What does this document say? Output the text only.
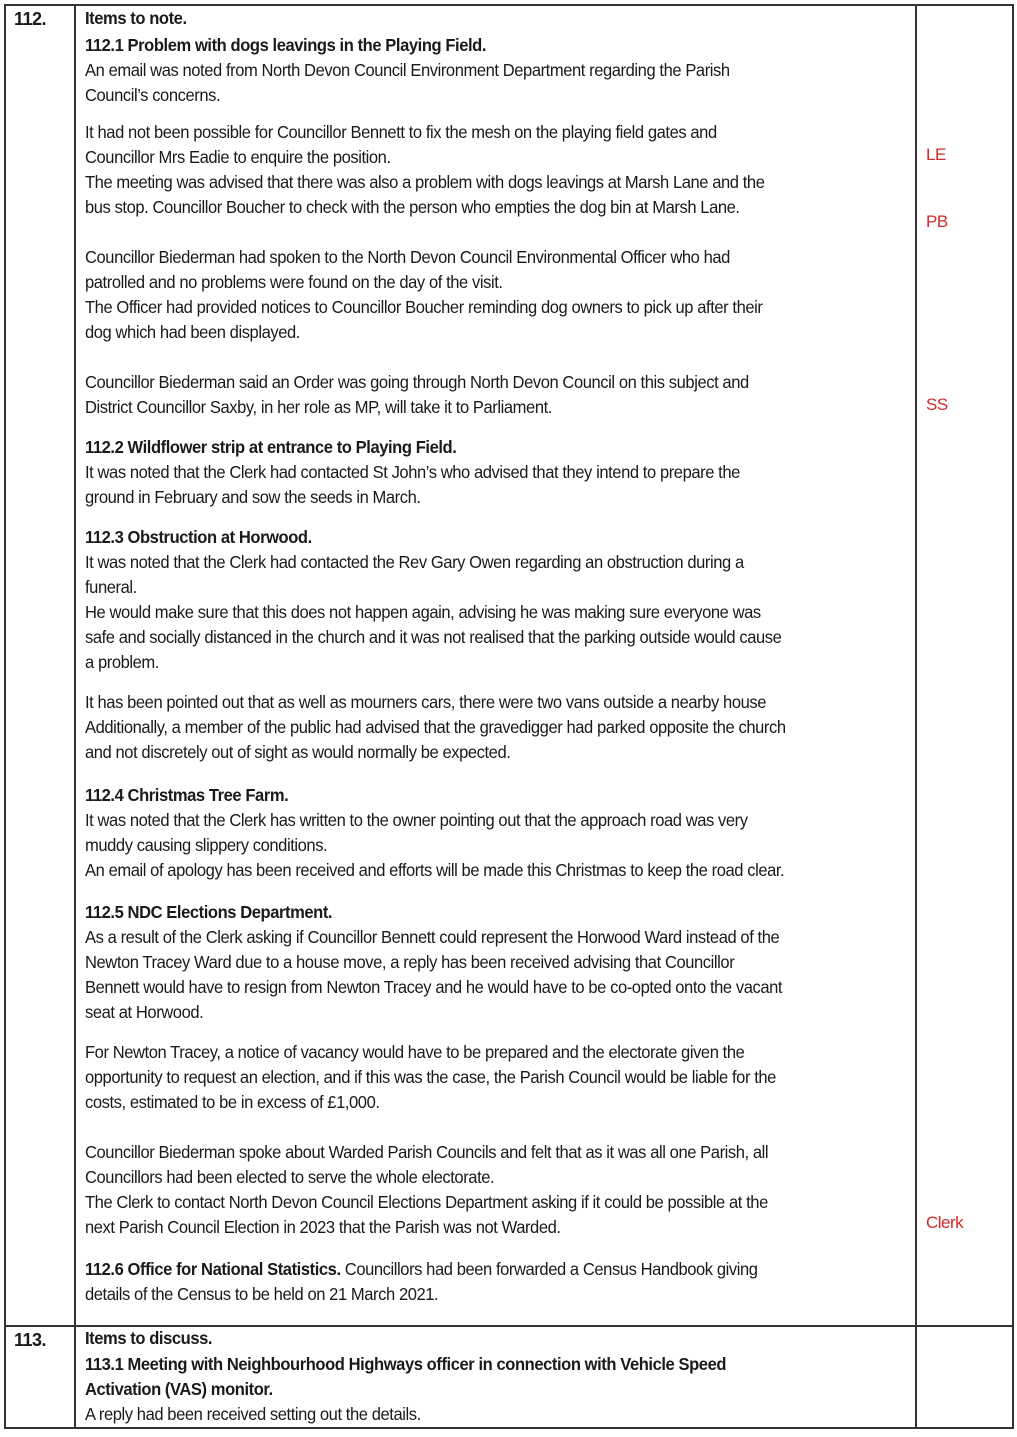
112. Items to note.
112.1 Problem with dogs leavings in the Playing Field.
An email was noted from North Devon Council Environment Department regarding the Parish
Council’s concerns.
It had not been possible for Councillor Bennett to fix the mesh on the playing field gates and
Councillor Mrs Eadie to enquire the position.
The meeting was advised that there was also a problem with dogs leavings at Marsh Lane and the
bus stop. Councillor Boucher to check with the person who empties the dog bin at Marsh Lane.
Councillor Biederman had spoken to the North Devon Council Environmental Officer who had
patrolled and no problems were found on the day of the visit.
The Officer had provided notices to Councillor Boucher reminding dog owners to pick up after their
dog which had been displayed.
Councillor Biederman said an Order was going through North Devon Council on this subject and
District Councillor Saxby, in her role as MP, will take it to Parliament.
112.2 Wildflower strip at entrance to Playing Field.
It was noted that the Clerk had contacted St John’s who advised that they intend to prepare the
ground in February and sow the seeds in March.
112.3 Obstruction at Horwood.
It was noted that the Clerk had contacted the Rev Gary Owen regarding an obstruction during a
funeral.
He would make sure that this does not happen again, advising he was making sure everyone was
safe and socially distanced in the church and it was not realised that the parking outside would cause
a problem.
It has been pointed out that as well as mourners cars, there were two vans outside a nearby house
Additionally, a member of the public had advised that the gravedigger had parked opposite the church
and not discretely out of sight as would normally be expected.
112.4 Christmas Tree Farm.
It was noted that the Clerk has written to the owner pointing out that the approach road was very
muddy causing slippery conditions.
An email of apology has been received and efforts will be made this Christmas to keep the road clear.
112.5 NDC Elections Department.
As a result of the Clerk asking if Councillor Bennett could represent the Horwood Ward instead of the
Newton Tracey Ward due to a house move, a reply has been received advising that Councillor
Bennett would have to resign from Newton Tracey and he would have to be co-opted onto the vacant
seat at Horwood.
For Newton Tracey, a notice of vacancy would have to be prepared and the electorate given the
opportunity to request an election, and if this was the case, the Parish Council would be liable for the
costs, estimated to be in excess of £1,000.
Councillor Biederman spoke about Warded Parish Councils and felt that as it was all one Parish, all
Councillors had been elected to serve the whole electorate.
The Clerk to contact North Devon Council Elections Department asking if it could be possible at the
next Parish Council Election in 2023 that the Parish was not Warded.
112.6 Office for National Statistics. Councillors had been forwarded a Census Handbook giving
details of the Census to be held on 21 March 2021.
LE
PB
SS
Clerk
113. Items to discuss.
113.1 Meeting with Neighbourhood Highways officer in connection with Vehicle Speed
Activation (VAS) monitor.
A reply had been received setting out the details.
